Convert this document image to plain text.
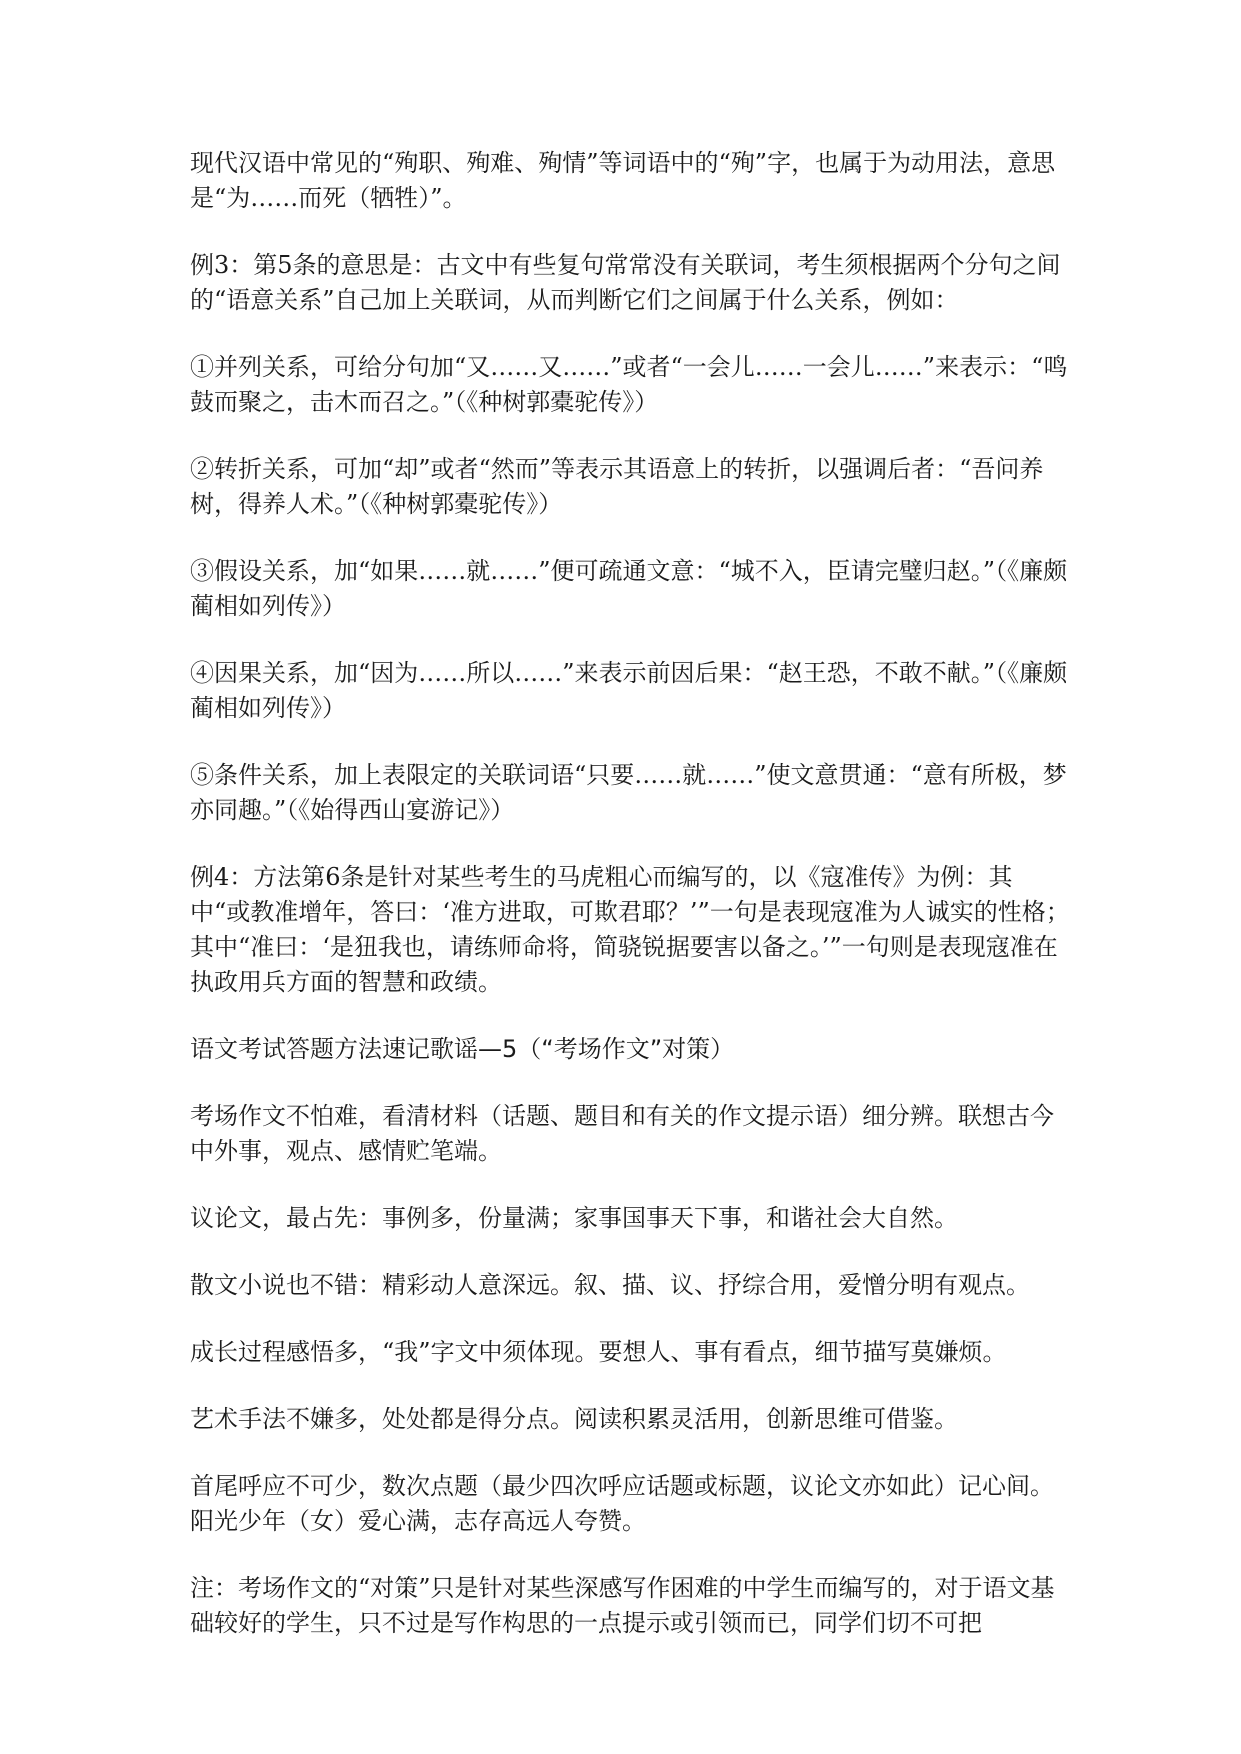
现代汉语中常见的“殉职、殉难、殉情”等词语中的“殉”字，也属于为动用法，意思是“为……而死（牺牲）”。

例3：第5条的意思是：古文中有些复句常常没有关联词，考生须根据两个分句之间的“语意关系”自己加上关联词，从而判断它们之间属于什么关系，例如：

①并列关系，可给分句加“又……又……”或者“一会儿……一会儿……”来表示：“鸣鼓而聚之，击木而召之。”（《种树郭橐驼传》）

②转折关系，可加“却”或者“然而”等表示其语意上的转折，以强调后者：“吾问养树，得养人术。”（《种树郭橐驼传》）

③假设关系，加“如果……就……”便可疏通文意：“城不入，臣请完璧归赵。”（《廉颇蔺相如列传》）

④因果关系，加“因为……所以……”来表示前因后果：“赵王恐，不敢不献。”（《廉颇蔺相如列传》）

⑤条件关系，加上表限定的关联词语“只要……就……”使文意贯通：“意有所极，梦亦同趣。”（《始得西山宴游记》）

例4：方法第6条是针对某些考生的马虎粗心而编写的，以《寇准传》为例：其中“或教准增年，答曰：‘准方进取，可欺君耶？’”一句是表现寇准为人诚实的性格；其中“准曰：‘是狃我也，请练师命将，简骁锐据要害以备之。’”一句则是表现寇准在执政用兵方面的智慧和政绩。

语文考试答题方法速记歌谣—5（“考场作文”对策）

考场作文不怕难，看清材料（话题、题目和有关的作文提示语）细分辨。联想古今中外事，观点、感情贮笔端。

议论文，最占先：事例多，份量满；家事国事天下事，和谐社会大自然。

散文小说也不错：精彩动人意深远。叙、描、议、抒综合用，爱憎分明有观点。

成长过程感悟多，“我”字文中须体现。要想人、事有看点，细节描写莫嫌烦。

艺术手法不嫌多，处处都是得分点。阅读积累灵活用，创新思维可借鉴。

首尾呼应不可少，数次点题（最少四次呼应话题或标题，议论文亦如此）记心间。阳光少年（女）爱心满，志存高远人夸赞。

注：考场作文的“对策”只是针对某些深感写作困难的中学生而编写的，对于语文基础较好的学生，只不过是写作构思的一点提示或引领而已，同学们切不可把
